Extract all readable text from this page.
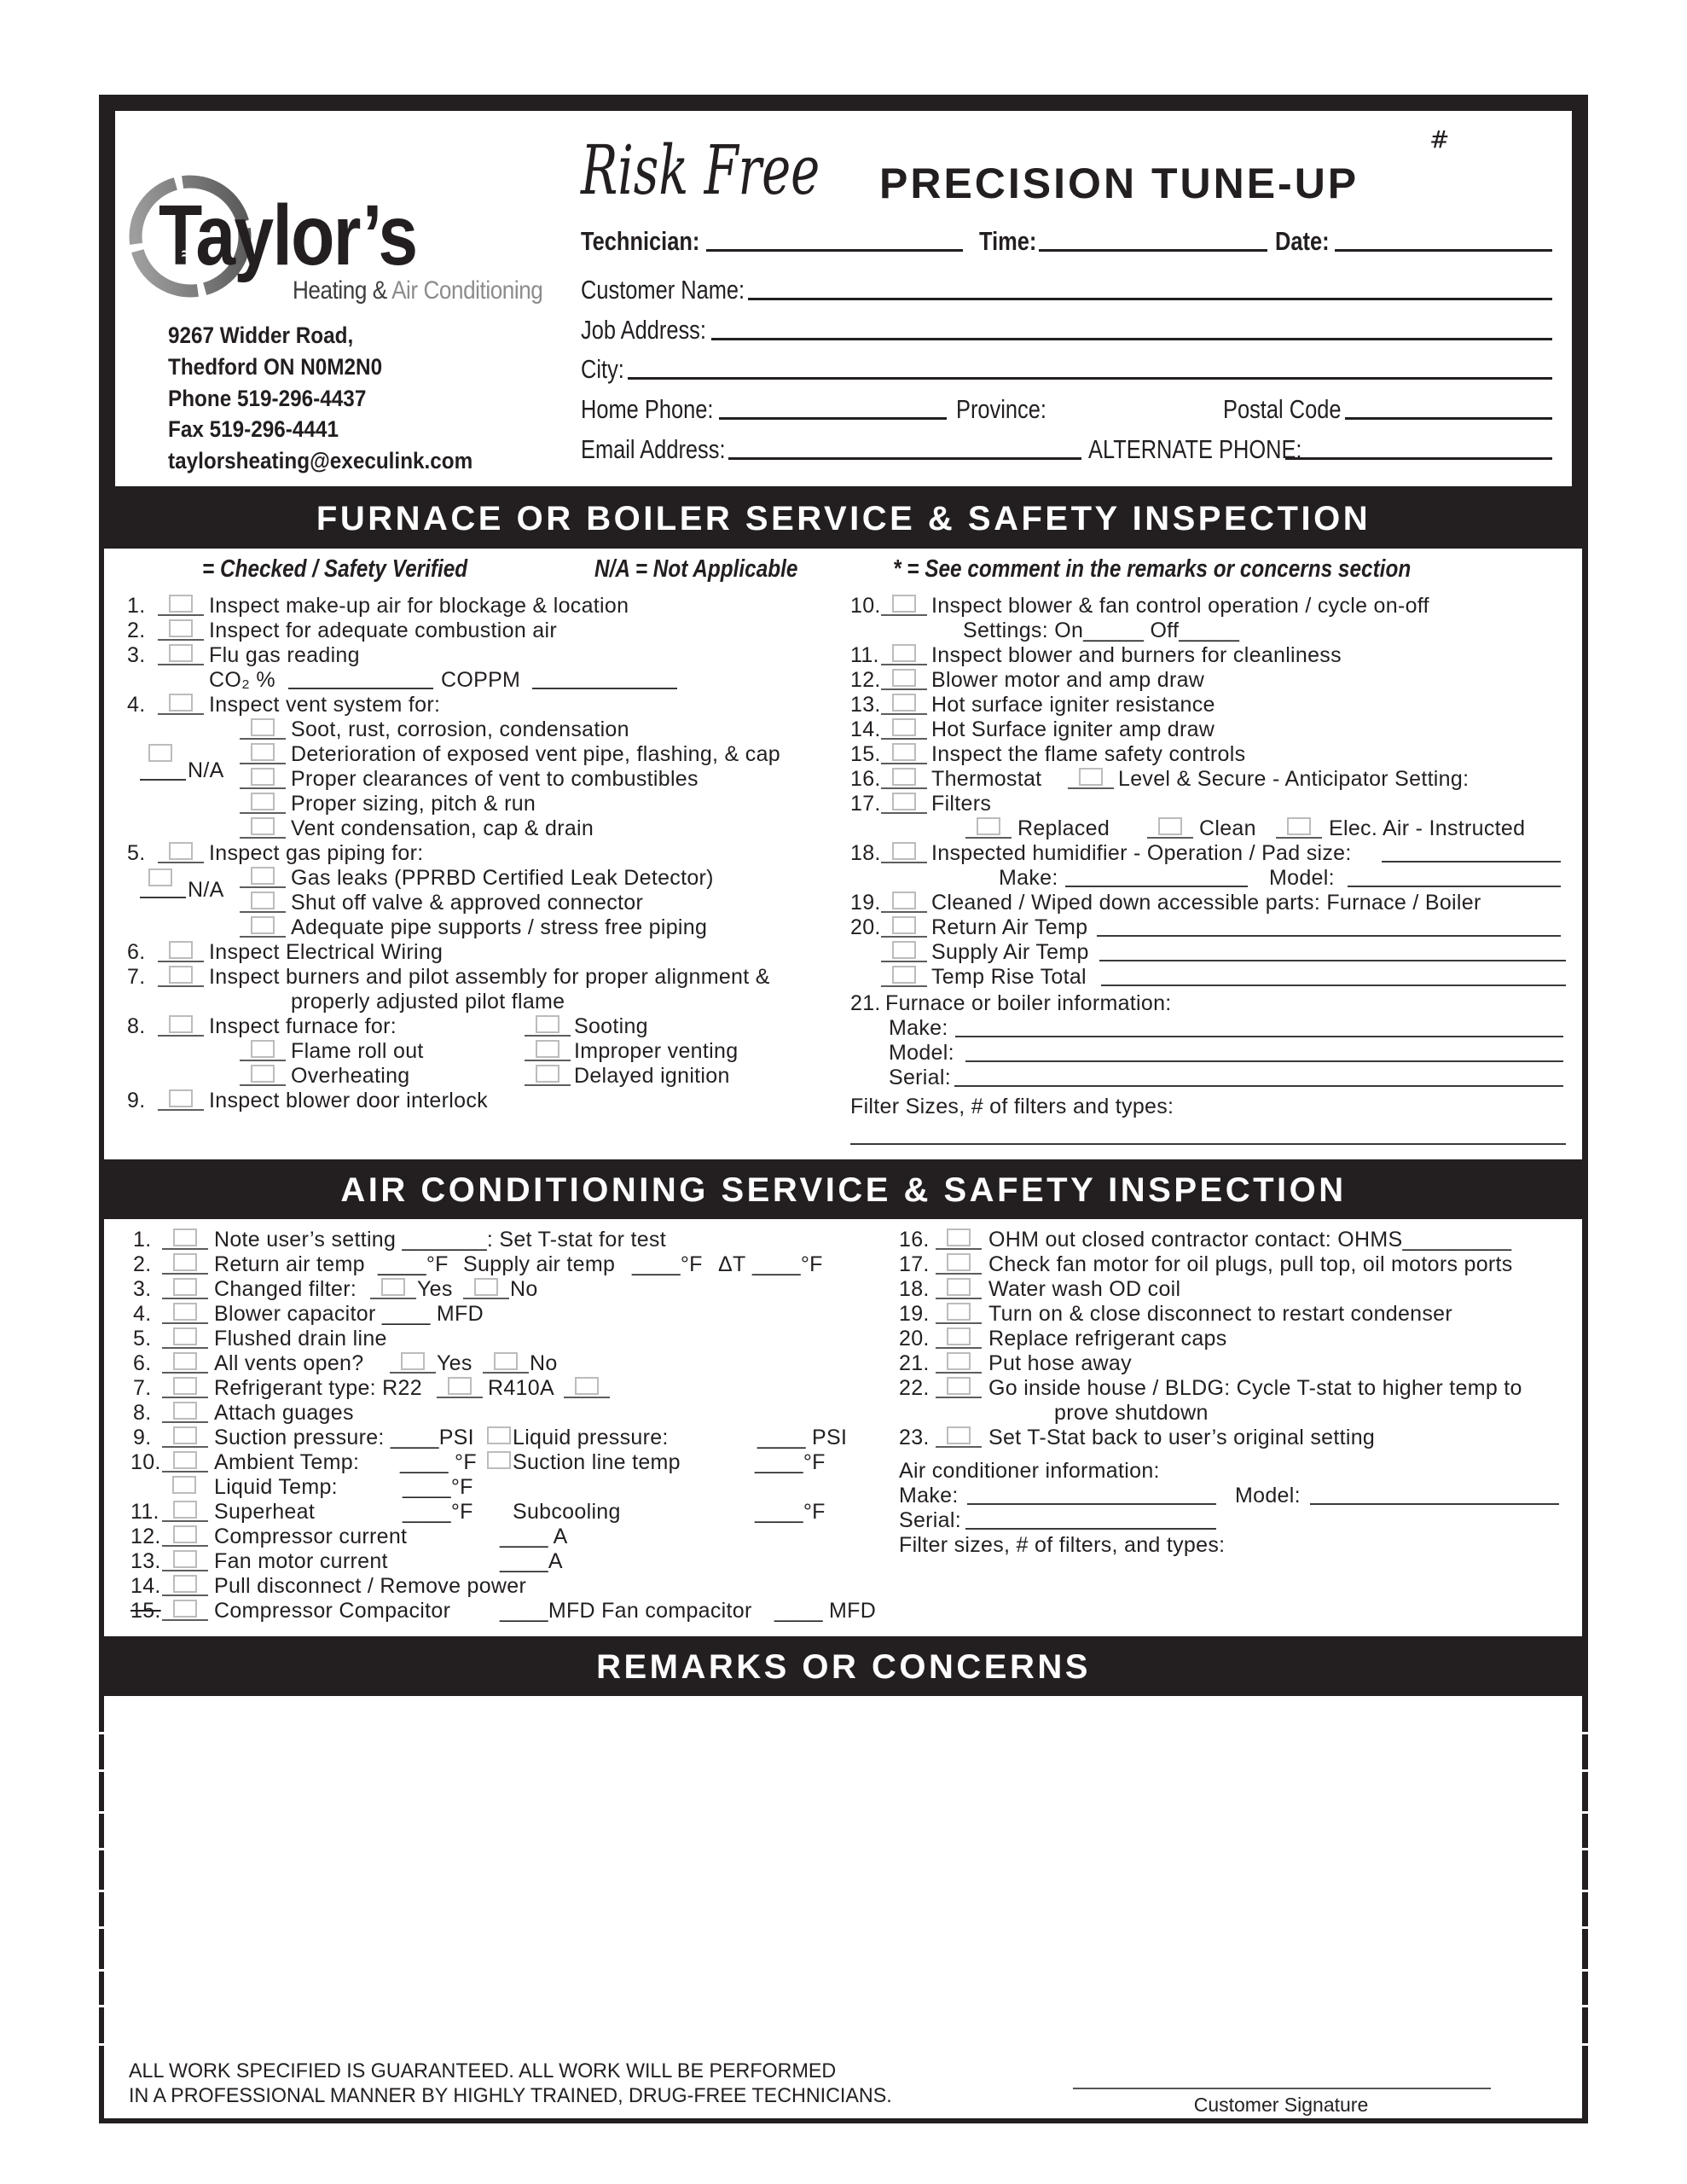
Taylor’s
≈
Heating & Air Conditioning
9267 Widder Road,
Thedford ON N0M2N0
Phone 519-296-4437
Fax 519-296-4441
taylorsheating@execulink.com
Risk Free PRECISION TUNE-UP
#
Technician:	Time:	Date:
Customer Name:
Job Address:
City:
Home Phone:	Province:	Postal Code
Email Address:	ALTERNATE PHONE:
FURNACE OR BOILER SERVICE & SAFETY INSPECTION
= Checked / Safety Verified	N/A = Not Applicable	* = See comment in the remarks or concerns section
1.	Inspect make-up air for blockage & location
2.	Inspect for adequate combustion air
3.	Flu gas reading
CO₂ %	COPPM
4.	Inspect vent system for:
Soot, rust, corrosion, condensation
Deterioration of exposed vent pipe, flashing, & cap
Proper clearances of vent to combustibles
Proper sizing, pitch & run
Vent condensation, cap & drain
N/A
5.	Inspect gas piping for:
Gas leaks (PPRBD Certified Leak Detector)
Shut off valve & approved connector
Adequate pipe supports / stress free piping
N/A
6.	Inspect Electrical Wiring
7.	Inspect burners and pilot assembly for proper alignment &
properly adjusted pilot flame
8.	Inspect furnace for:
Flame roll out
Overheating
Sooting
Improper venting
Delayed ignition
9.	Inspect blower door interlock
10. Inspect blower & fan control operation / cycle on-off
Settings: On_____ Off_____
11. Inspect blower and burners for cleanliness
12. Blower motor and amp draw
13. Hot surface igniter resistance
14. Hot Surface igniter amp draw
15. Inspect the flame safety controls
16. Thermostat	Level & Secure - Anticipator Setting:
17. Filters
Replaced	Clean	Elec. Air - Instructed
18. Inspected humidifier - Operation / Pad size:
Make:	Model:
19. Cleaned / Wiped down accessible parts: Furnace / Boiler
20. Return Air Temp
Supply Air Temp
Temp Rise Total
21. Furnace or boiler information:
Make:
Model:
Serial:
Filter Sizes, # of filters and types:
AIR CONDITIONING SERVICE & SAFETY INSPECTION
1.	Note user’s setting _______: Set T-stat for test
2.	Return air temp ____°F Supply air temp ____°F ΔT ____°F
3.	Changed filter:	Yes	No
4.	Blower capacitor ____ MFD
5.	Flushed drain line
6.	All vents open?	Yes	No
7.	Refrigerant type: R22	R410A
8.	Attach guages
9.	Suction pressure: ____PSI Liquid pressure:	____ PSI
10. Ambient Temp: ____ °F Suction line temp	____°F
Liquid Temp:	____°F
11.	Superheat	____°F Subcooling	____°F
12. Compressor current	____ A
13. Fan motor current	____A
14. Pull disconnect / Remove power
15. Compressor Compacitor ____MFD Fan compacitor ____ MFD
16.	OHM out closed contractor contact: OHMS_________
17.	Check fan motor for oil plugs, pull top, oil motors ports
18.	Water wash OD coil
19.	Turn on & close disconnect to restart condenser
20.	Replace refrigerant caps
21.	Put hose away
22.	Go inside house / BLDG: Cycle T-stat to higher temp to
prove shutdown
23.	Set T-Stat back to user’s original setting
Air conditioner information:
Make:	Model:
Serial:
Filter sizes, # of filters, and types:
REMARKS OR CONCERNS
ALL WORK SPECIFIED IS GUARANTEED. ALL WORK WILL BE PERFORMED
IN A PROFESSIONAL MANNER BY HIGHLY TRAINED, DRUG-FREE TECHNICIANS.	Customer Signature
